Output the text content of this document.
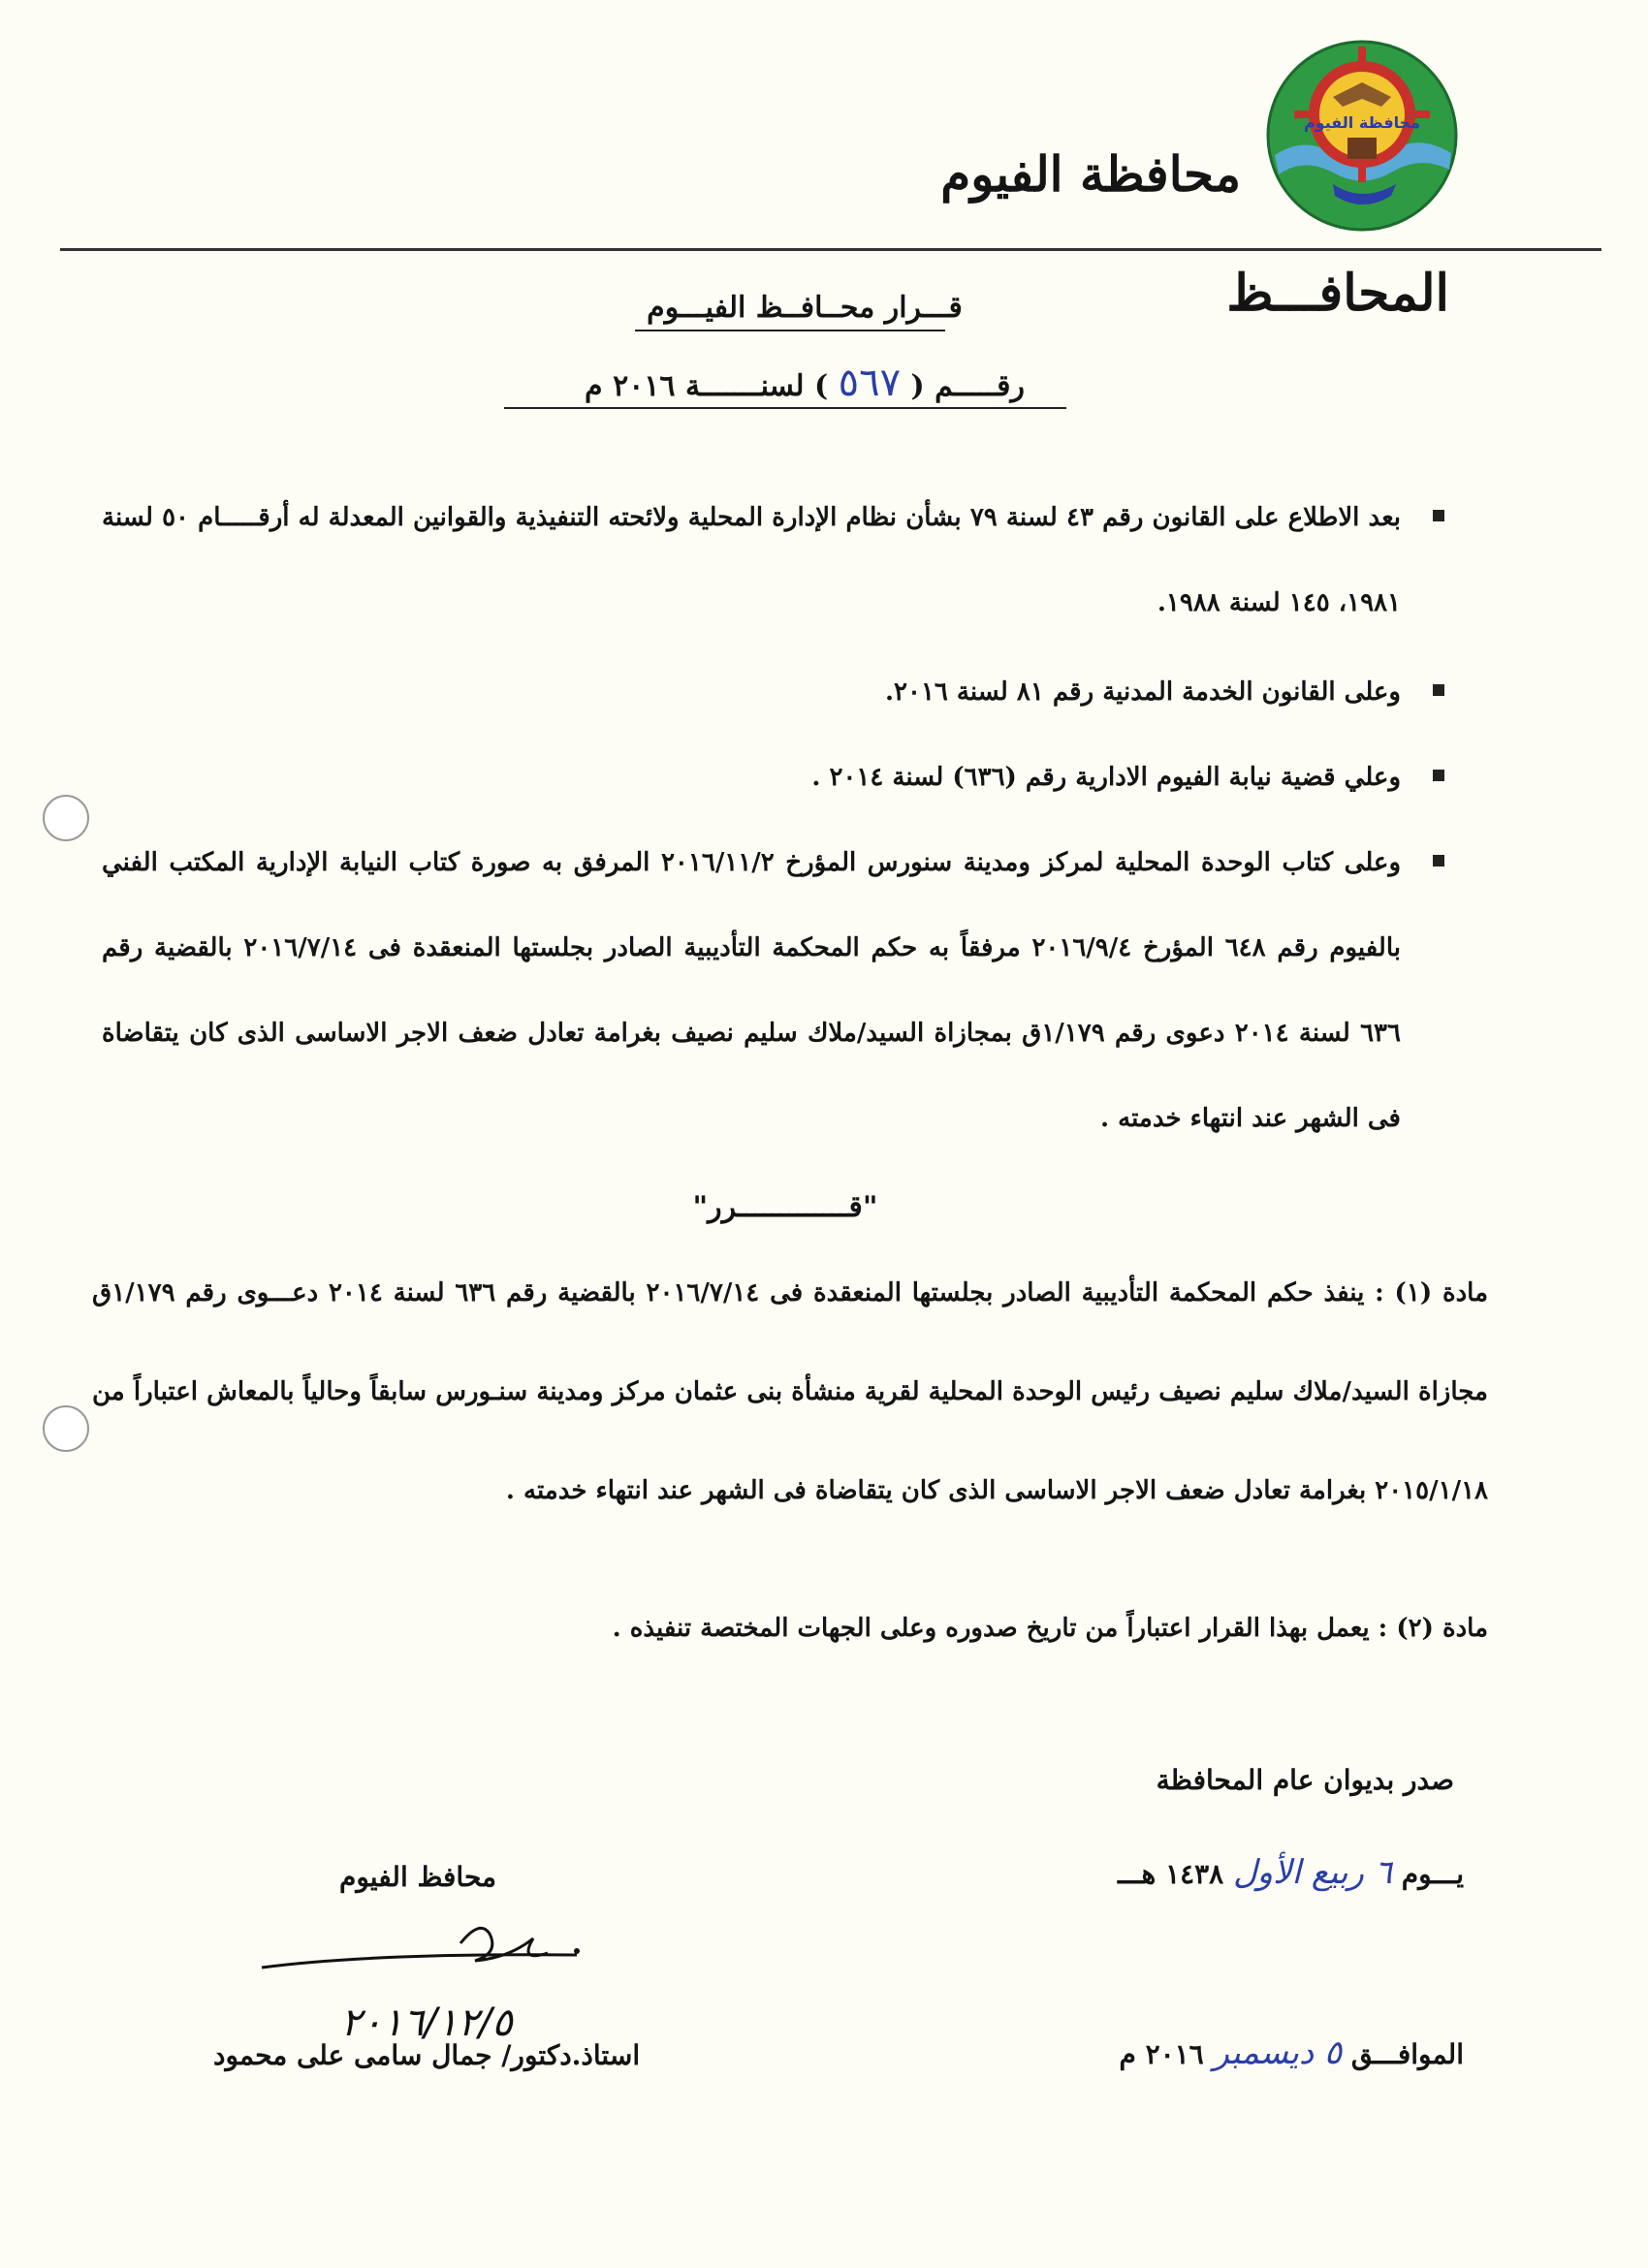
محافظة الفيوم
محافظة الفيوم
المحافـــظ
قـــرار محــافــظ الفيـــوم
رقـــــم ( ٥٦٧ ) لسنـــــــة ٢٠١٦ م
بعد الاطلاع على القانون رقم ٤٣ لسنة ٧٩ بشأن نظام الإدارة المحلية ولائحته التنفيذية والقوانين المعدلة له أرقـــــام ٥٠ لسنة ١٩٨١، ١٤٥ لسنة ١٩٨٨.
وعلى القانون الخدمة المدنية رقم ٨١ لسنة ٢٠١٦.
وعلي قضية نيابة الفيوم الادارية رقم (٦٣٦) لسنة ٢٠١٤ .
وعلى كتاب الوحدة المحلية لمركز ومدينة سنورس المؤرخ ٢٠١٦/١١/٢ المرفق به صورة كتاب النيابة الإدارية المكتب الفني بالفيوم رقم ٦٤٨ المؤرخ ٢٠١٦/٩/٤ مرفقاً به حكم المحكمة التأديبية الصادر بجلستها المنعقدة فى ٢٠١٦/٧/١٤ بالقضية رقم ٦٣٦ لسنة ٢٠١٤ دعوى رقم ١/١٧٩ق بمجازاة السيد/ملاك سليم نصيف بغرامة تعادل ضعف الاجر الاساسى الذى كان يتقاضاة فى الشهر عند انتهاء خدمته .
"قـــــــــــــرر"
مادة (١) : ينفذ حكم المحكمة التأديبية الصادر بجلستها المنعقدة فى ٢٠١٦/٧/١٤ بالقضية رقم ٦٣٦ لسنة ٢٠١٤ دعـــوى رقم ١/١٧٩ق مجازاة السيد/ملاك سليم نصيف رئيس الوحدة المحلية لقرية منشأة بنى عثمان مركز ومدينة سنـورس سابقاً وحالياً بالمعاش اعتباراً من ٢٠١٥/١/١٨ بغرامة تعادل ضعف الاجر الاساسى الذى كان يتقاضاة فى الشهر عند انتهاء خدمته .
مادة (٢) : يعمل بهذا القرار اعتباراً من تاريخ صدوره وعلى الجهات المختصة تنفيذه .
صدر بديوان عام المحافظة
يـــوم ٦ ربيع الأول ١٤٣٨ هـــ
الموافـــق ٥ ديسمبر ٢٠١٦ م
محافظ الفيوم
٢٠١٦/١٢/٥
استاذ.دكتور/ جمال سامى على محمود
